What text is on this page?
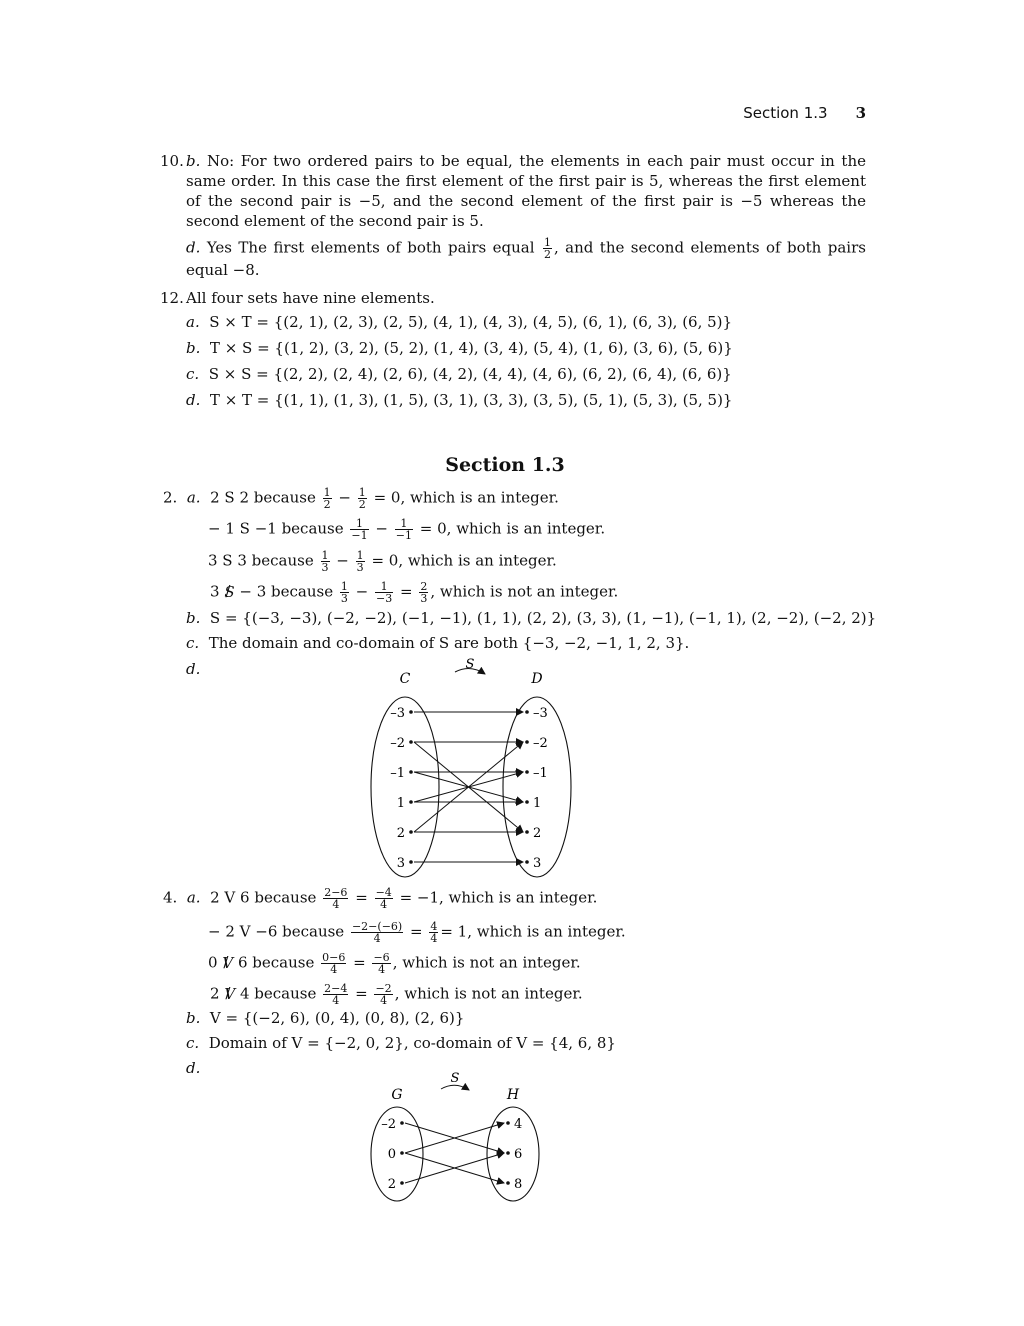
Section 1.3 3
10. b. No: For two ordered pairs to be equal, the elements in each pair must occur in the same order. In this case the first element of the first pair is 5, whereas the first element of the second pair is −5, and the second element of the first pair is −5 whereas the second element of the second pair is 5.
d. Yes The first elements of both pairs equal $\frac{1}{2}$ , and the second elements of both pairs equal −8.
12. All four sets have nine elements.
a. S × T = {(2, 1), (2, 3), (2, 5), (4, 1), (4, 3), (4, 5), (6, 1), (6, 3), (6, 5)}
b. T × S = {(1, 2), (3, 2), (5, 2), (1, 4), (3, 4), (5, 4), (1, 6), (3, 6), (5, 6)}
c. S × S = {(2, 2), (2, 4), (2, 6), (4, 2), (4, 4), (4, 6), (6, 2), (6, 4), (6, 6)}
d. T × T = {(1, 1), (1, 3), (1, 5), (3, 1), (3, 3), (3, 5), (5, 1), (5, 3), (5, 5)}
Section 1.3
2. a. 2 S 2 because $\frac{1}{2} - \frac{1}{2} = 0$, which is an integer.
− 1 S −1 because $\frac{1}{-1} - \frac{1}{-1} = 0$, which is an integer.
3 S 3 because $\frac{1}{3} - \frac{1}{3} = 0$, which is an integer.
3 S / − 3 because $\frac{1}{3} - \frac{1}{-3} = \frac{2}{3}$ , which is not an integer.
b. S = {(−3, −3), (−2, −2), (−1, −1), (1, 1), (2, 2), (3, 3), (1, −1), (−1, 1), (2, −2), (−2, 2)}
c. The domain and co-domain of S are both {−3, −2, −1, 1, 2, 3}.
d.
C	D
S
–3
–2
–1
1
2
3
–3
–2
–1
1
2
3
4. a. 2 V 6 because $\frac{2-6}{4} = \frac{-4}{4} = -1$, which is an integer.
− 2 V −6 because $\frac{-2-(-6)}{4} = \frac{4}{4} = 1$, which is an integer.
0 V / 6 because $\frac{0-6}{4} = \frac{-6}{4}$ , which is not an integer.
2 V / 4 because $\frac{2-4}{4} = \frac{-2}{4}$ , which is not an integer.
b. V = {(−2, 6), (0, 4), (0, 8), (2, 6)}
c. Domain of V = {−2, 0, 2}, co-domain of V = {4, 6, 8}
d.
G	H
S
–2
0
2
4
6
8
